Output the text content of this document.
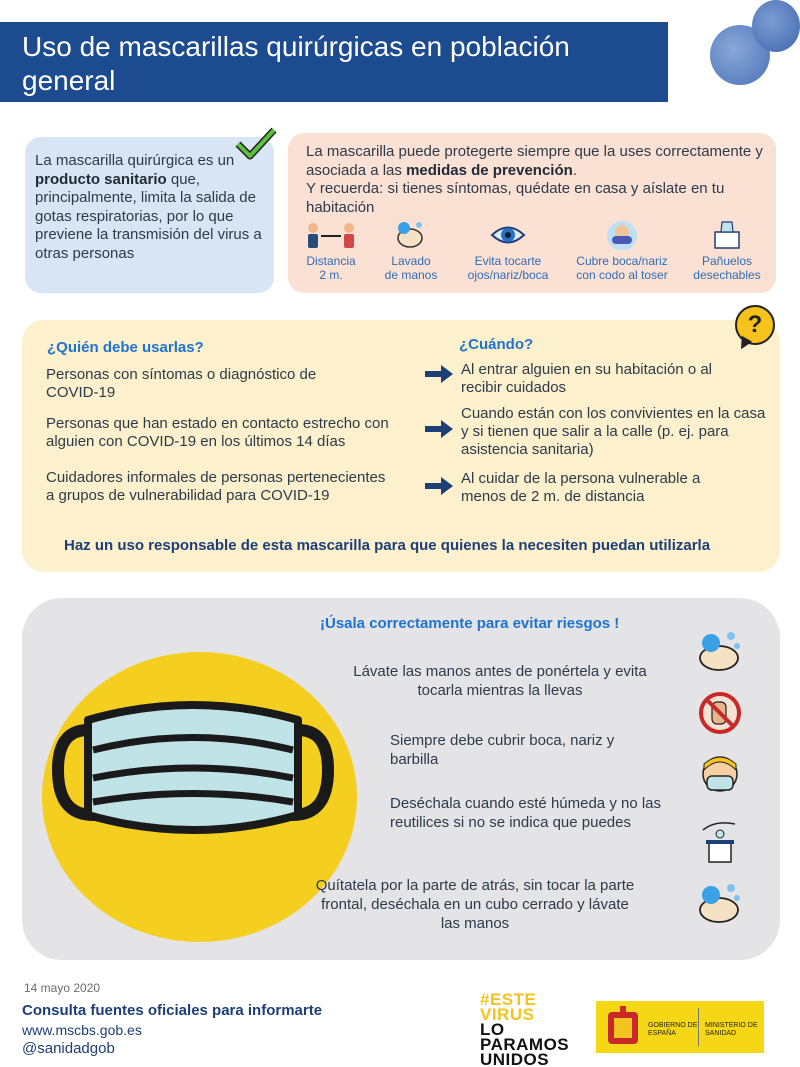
Uso de mascarillas quirúrgicas en población general

La mascarilla quirúrgica es un producto sanitario que, principalmente, limita la salida de gotas respiratorias, por lo que previene la transmisión del virus a otras personas

La mascarilla puede protegerte siempre que la uses correctamente y asociada a las medidas de prevención.
Y recuerda: si tienes síntomas, quédate en casa y aíslate en tu habitación

Distancia
2 m.
Lavado
de manos
Evita tocarte
ojos/nariz/boca
Cubre boca/nariz
con codo al toser
Pañuelos
desechables
?
¿Quién debe usarlas?	¿Cuándo?
Personas con síntomas o diagnóstico de COVID-19
Personas que han estado en contacto estrecho con alguien con COVID-19 en los últimos 14 días
Cuidadores informales de personas pertenecientes a grupos de vulnerabilidad para COVID-19
Al entrar alguien en su habitación o al recibir cuidados
Cuando están con los convivientes en la casa y si tienen que salir a la calle (p. ej. para asistencia sanitaria)
Al cuidar de la persona vulnerable a menos de 2 m. de distancia
Haz un uso responsable de esta mascarilla para que quienes la necesiten puedan utilizarla
¡Úsala correctamente para evitar riesgos !
Lávate las manos antes de ponértela y evita tocarla mientras la llevas
Siempre debe cubrir boca, nariz y barbilla
Deséchala cuando esté húmeda y no las reutilices si no se indica que puedes
Quítatela por la parte de atrás, sin tocar la parte frontal, deséchala en un cubo cerrado y lávate las manos
14 mayo 2020
Consulta fuentes oficiales para informarte
www.mscbs.gob.es
@sanidadgob
#ESTE
VIRUS
LO
PARAMOS
UNIDOS
GOBIERNO DE ESPAÑA
MINISTERIO DE SANIDAD
